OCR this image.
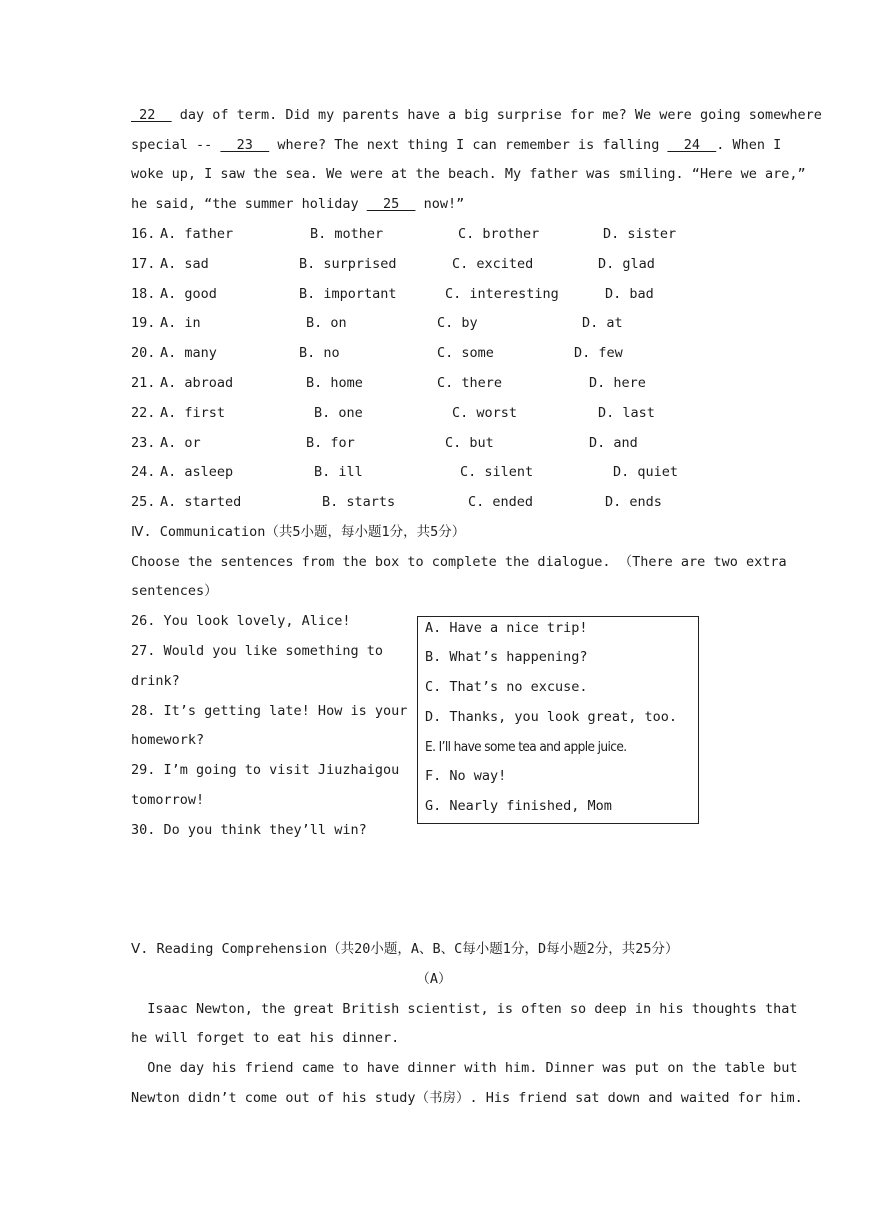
22   day of term. Did my parents have a big surprise for me? We were going somewhere
special --   23   where? The next thing I can remember is falling   24  . When I
woke up, I saw the sea. We were at the beach. My father was smiling. “Here we are,”
he said, “the summer holiday   25   now!”
16. A. father	B. mother	C. brother	D. sister
17. A. sad	B. surprised	C. excited	D. glad
18. A. good	B. important	C. interesting	D. bad
19. A. in	B. on	C. by	D. at
20. A. many	B. no	C. some	D. few
21. A. abroad	B. home	C. there	D. here
22. A. first	B. one	C. worst	D. last
23. A. or	B. for	C. but	D. and
24. A. asleep	B. ill	C. silent	D. quiet
25. A. started	B. starts	C. ended	D. ends
Ⅳ. Communication（共5小题，每小题1分，共5分）
Choose the sentences from the box to complete the dialogue. （There are two extra
sentences）
26. You look lovely, Alice!
27. Would you like something to
drink?
28. It’s getting late! How is your
homework?
29. I’m going to visit Jiuzhaigou
tomorrow!
30. Do you think they’ll win?
A. Have a nice trip!
B. What’s happening?
C. That’s no excuse.
D. Thanks, you look great, too.
E. I’ll have some tea and apple juice.
F. No way!
G. Nearly finished, Mom
Ⅴ. Reading Comprehension（共20小题，A、B、C每小题1分，D每小题2分，共25分）
（A）
Isaac Newton, the great British scientist, is often so deep in his thoughts that
he will forget to eat his dinner.
One day his friend came to have dinner with him. Dinner was put on the table but
Newton didn’t come out of his study（书房）. His friend sat down and waited for him.
